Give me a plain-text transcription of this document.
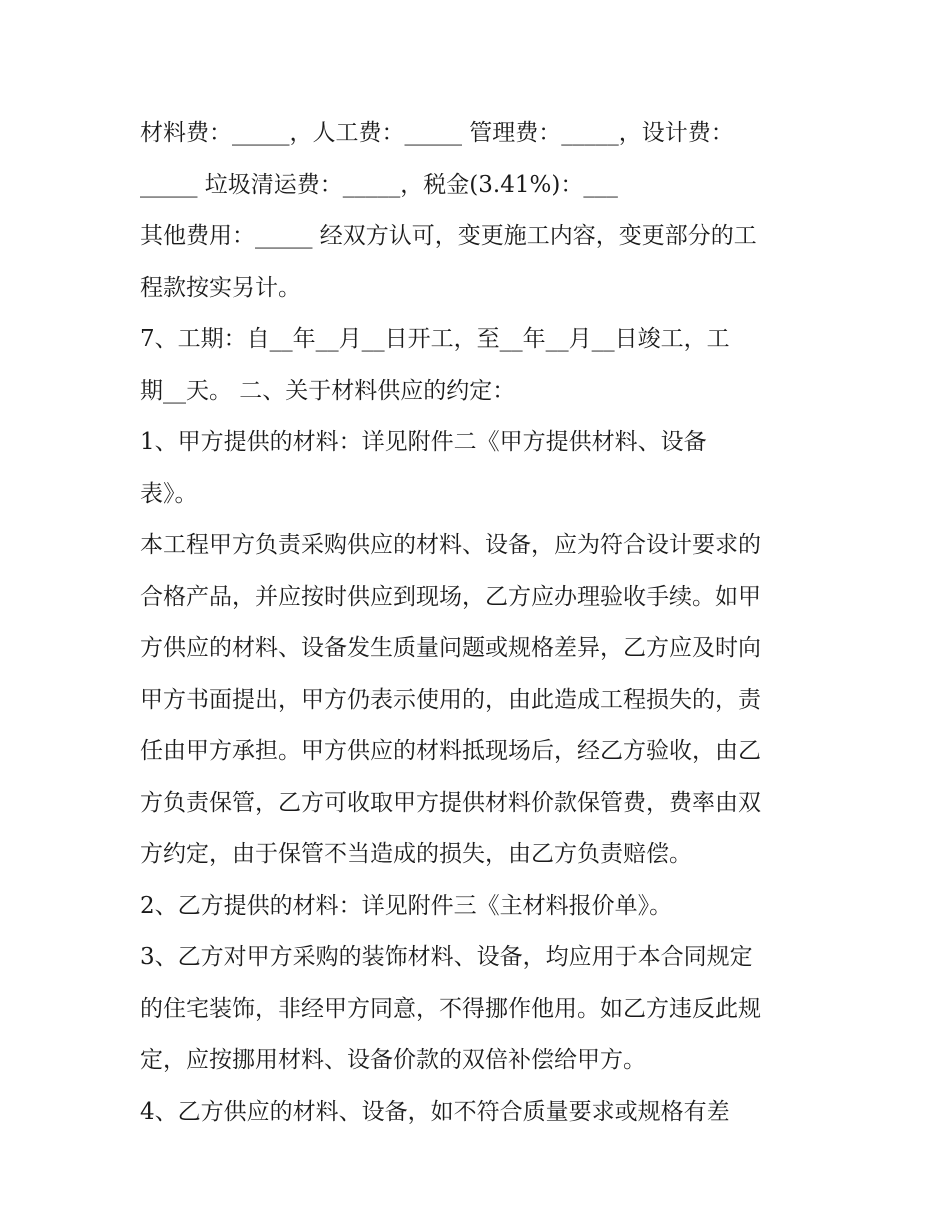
材料费：_____，人工费：_____ 管理费：_____，设计费：
_____ 垃圾清运费：_____，税金(3.41%)：___
其他费用：_____ 经双方认可，变更施工内容，变更部分的工
程款按实另计。
7、工期：自__年__月__日开工，至__年__月__日竣工，工
期__天。 二、关于材料供应的约定：
1、甲方提供的材料：详见附件二《甲方提供材料、设备
表》。
本工程甲方负责采购供应的材料、设备，应为符合设计要求的
合格产品，并应按时供应到现场，乙方应办理验收手续。如甲
方供应的材料、设备发生质量问题或规格差异，乙方应及时向
甲方书面提出，甲方仍表示使用的，由此造成工程损失的，责
任由甲方承担。甲方供应的材料抵现场后，经乙方验收，由乙
方负责保管，乙方可收取甲方提供材料价款保管费，费率由双
方约定，由于保管不当造成的损失，由乙方负责赔偿。
2、乙方提供的材料：详见附件三《主材料报价单》。
3、乙方对甲方采购的装饰材料、设备，均应用于本合同规定
的住宅装饰，非经甲方同意，不得挪作他用。如乙方违反此规
定，应按挪用材料、设备价款的双倍补偿给甲方。
4、乙方供应的材料、设备，如不符合质量要求或规格有差
